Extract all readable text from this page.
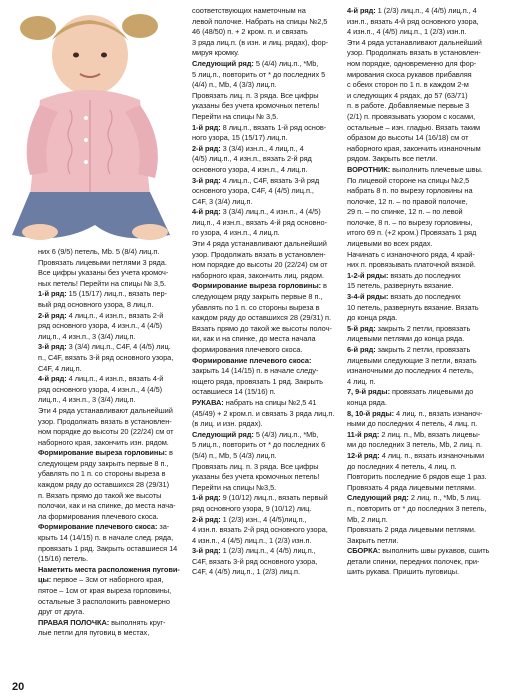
них 6 (9/5) петель, Мb. 5 (8/4) лиц.п.

Провязать лицевыми петлями 3 ряда.

Все цифры указаны без учета кромоч-

ных петель! Перейти на спицы № 3,5.

1-й ряд: 15 (15/17) лиц.п., вязать пер-

вый ряд основного узора, 8 лиц.п.

2-й ряд: 4 лиц.п., 4 изн.п., вязать 2-й

ряд основного узора, 4 изн.п., 4 (4/5)

лиц.п., 4 изн.п., 3 (3/4) лиц.п.

3-й ряд: 3 (3/4) лиц.п., C4F, 4 (4/5) лиц.

п., C4F, вязать 3-й ряд основного узора,

C4F, 4 лиц.п.

4-й ряд: 4 лиц.п., 4 изн.п., вязать 4-й

ряд основного узора, 4 изн.п., 4 (4/5)

лиц.п., 4 изн.п., 3 (3/4) лиц.п.

Эти 4 ряда устанавливают дальнейший

узор. Продолжать вязать в установлен-

ном порядке до высоты 20 (22/24) см от

наборного края, закончить изн. рядом.

Формирование выреза горловины: в

следующем ряду закрыть первые 8 п.,

убавлять по 1 п. со стороны выреза в

каждом ряду до оставшихся 28 (29/31)

п. Вязать прямо до такой же высоты

полочки, как и на спинке, до места нача-

ла формирования плечевого скоса.

Формирование плечевого скоса: за-

крыть 14 (14/15) п. в начале след. ряда,

провязать 1 ряд. Закрыть оставшиеся 14

(15/16) петель.

Наметить места расположения пугови-

цы: первое – 3см от наборного края,

пятое – 1см от края выреза горловины,

остальные 3 расположить равномерно

друг от друга.

ПРАВАЯ ПОЛОЧКА: выполнять круг-

лые петли для пуговиц в местах,

соответствующих наметочным на

левой полочке. Набрать на спицы №2,5

46 (48/50) п. + 2 кром. п. и связать

3 ряда лиц.п. (в изн. и лиц. рядах), фор-

мируя кромку.

Следующий ряд: 5 (4/4) лиц.п., *Mb,

5 лиц.п., повторить от * до последних 5

(4/4) п., Мb, 4 (3/3) лиц.п.

Провязать лиц. п. 3 ряда. Все цифры

указаны без учета кромочных петель!

Перейти на спицы № 3,5.

1-й ряд: 8 лиц.п., вязать 1-й ряд основ-

ного узора, 15 (15/17) лиц.п.

2-й ряд: 3 (3/4) изн.п., 4 лиц.п., 4

(4/5) лиц.п., 4 изн.п., вязать 2-й ряд

основного узора, 4 изн.п., 4 лиц.п.

3-й ряд: 4 лиц.п., C4F, вязать 3-й ряд

основного узора, C4F, 4 (4/5) лиц.п.,

C4F, 3 (3/4) лиц.п.

4-й ряд: 3 (3/4) лиц.п., 4 изн.п., 4 (4/5)

лиц.п., 4 изн.п., вязать 4-й ряд основно-

го узора, 4 изн.п., 4 лиц.п.

Эти 4 ряда устанавливают дальнейший

узор. Продолжать вязать в установлен-

ном порядке до высоты 20 (22/24) см от

наборного края, закончить лиц. рядом.

Формирование выреза горловины: в

следующем ряду закрыть первые 8 п.,

убавлять по 1 п. со стороны выреза в

каждом ряду до оставшихся 28 (29/31) п.

Вязать прямо до такой же высоты полоч-

ки, как и на спинке, до места начала

формирования плечевого скоса.

Формирование плечевого скоса:

закрыть 14 (14/15) п. в начале следу-

ющего ряда, провязать 1 ряд. Закрыть

оставшиеся 14 (15/16) п.

РУКАВА: набрать на спицы №2,5 41

(45/49) + 2 кром.п. и связать 3 ряда лиц.п.

(в лиц. и изн. рядах).

Следующий ряд: 5 (4/3) лиц.п., *Mb,

5 лиц.п., повторить от * до последних 6

(5/4) п., Мb, 5 (4/3) лиц.п.

Провязать лиц. п. 3 ряда. Все цифры

указаны без учета кромочных петель!

Перейти на спицы №3,5.

1-й ряд: 9 (10/12) лиц.п., вязать первый

ряд основного узора, 9 (10/12) лиц.

2-й ряд: 1 (2/3) изн., 4 (4/5)лиц.п.,

4 изн.п. вязать 2-й ряд основного узора,

4 изн.п., 4 (4/5) лиц.п., 1 (2/3) изн.п.

3-й ряд: 1 (2/3) лиц.п., 4 (4/5) лиц.п.,

C4F, вязать 3-й ряд основного узора,

C4F, 4 (4/5) лиц.п., 1 (2/3) лиц.п.

4-й ряд: 1 (2/3) лиц.п., 4 (4/5) лиц.п., 4

изн.п., вязать 4-й ряд основного узора,

4 изн.п., 4 (4/5) лиц.п., 1 (2/3) изн.п.

Эти 4 ряда устанавливают дальнейший

узор. Продолжать вязать в установлен-

ном порядке, одновременно для фор-

мирования скоса рукавов прибавляя

с обеих сторон по 1 п. в каждом 2-м

и следующих 4 рядах, до 57 (63/71)

п. в работе. Добавляемые первые 3

(2/1) п. провязывать узором с косами,

остальные – изн. гладью. Вязать таким

образом до высоты 14 (16/18) см от

наборного края, закончить изнаночным

рядом. Закрыть все петли.

ВОРОТНИК: выполнить плечевые швы.

По лицевой стороне на спицы №2,5

набрать 8 п. по вырезу горловины на

полочке, 12 п. – по правой полочке,

29 п. – по спинке, 12 п. – по левой

полочке, 8 п. – по вырезу горловины,

итого 69 п. (+2 кром.) Провязать 1 ряд

лицевыми во всех рядах.

Начинать с изнаночного ряда, 4 край-

них п. провязывать платочной вязкой.

1-2-й ряды: вязать до последних

15 петель, развернуть вязание.

3-4-й ряды: вязать до последних

10 петель, развернуть вязание. Вязать

до конца ряда.

5-й ряд: закрыть 2 петли, провязать

лицевыми петлями до конца ряда.

6-й ряд: закрыть 2 петли, провязать

лицевыми следующие 3 петли, вязать

изнаночными до последних 4 петель,

4 лиц. п.

7, 9-й ряды: провязать лицевыми до

конца ряда.

8, 10-й ряды: 4 лиц. п., вязать изнаноч-

ными до последних 4 петель, 4 лиц. п.

11-й ряд: 2 лиц. п., Мb, вязать лицевы-

ми до последних 3 петель, Мb, 2 лиц. п.

12-й ряд: 4 лиц. п., вязать изнаночными

до последних 4 петель, 4 лиц. п.

Повторить последние 6 рядов еще 1 раз.

Провязать 4 ряда лицевыми петлями.

Следующий ряд: 2 лиц. п., *Mb, 5 лиц.

п., повторить от * до последних 3 петель,

Мb, 2 лиц.п.

Провязать 2 ряда лицевыми петлями.

Закрыть петли.

СБОРКА: выполнить швы рукавов, сшить

детали спинки, передних полочек, при-

шить рукава. Пришить пуговицы.

20
